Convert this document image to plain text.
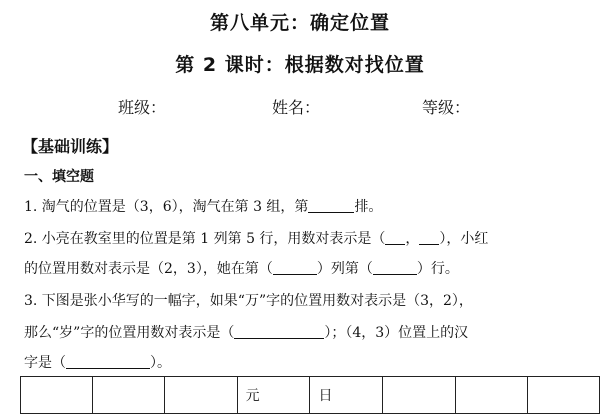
第八单元：确定位置
第 2 课时：根据数对找位置
班级：	姓名：	等级：
【基础训练】
一、填空题
1. 淘气的位置是（3，6），淘气在第 3 组，第	排。
2. 小亮在教室里的位置是第 1 列第 5 行，用数对表示是（ ， ），小红
的位置用数对表示是（2，3），她在第（	）列第（	）行。
3. 下图是张小华写的一幅字，如果“万”字的位置用数对表示是（3，2），
那么“岁”字的位置用数对表示是（	）；（4，3）位置上的汉
字是（	）。
			元	日			
